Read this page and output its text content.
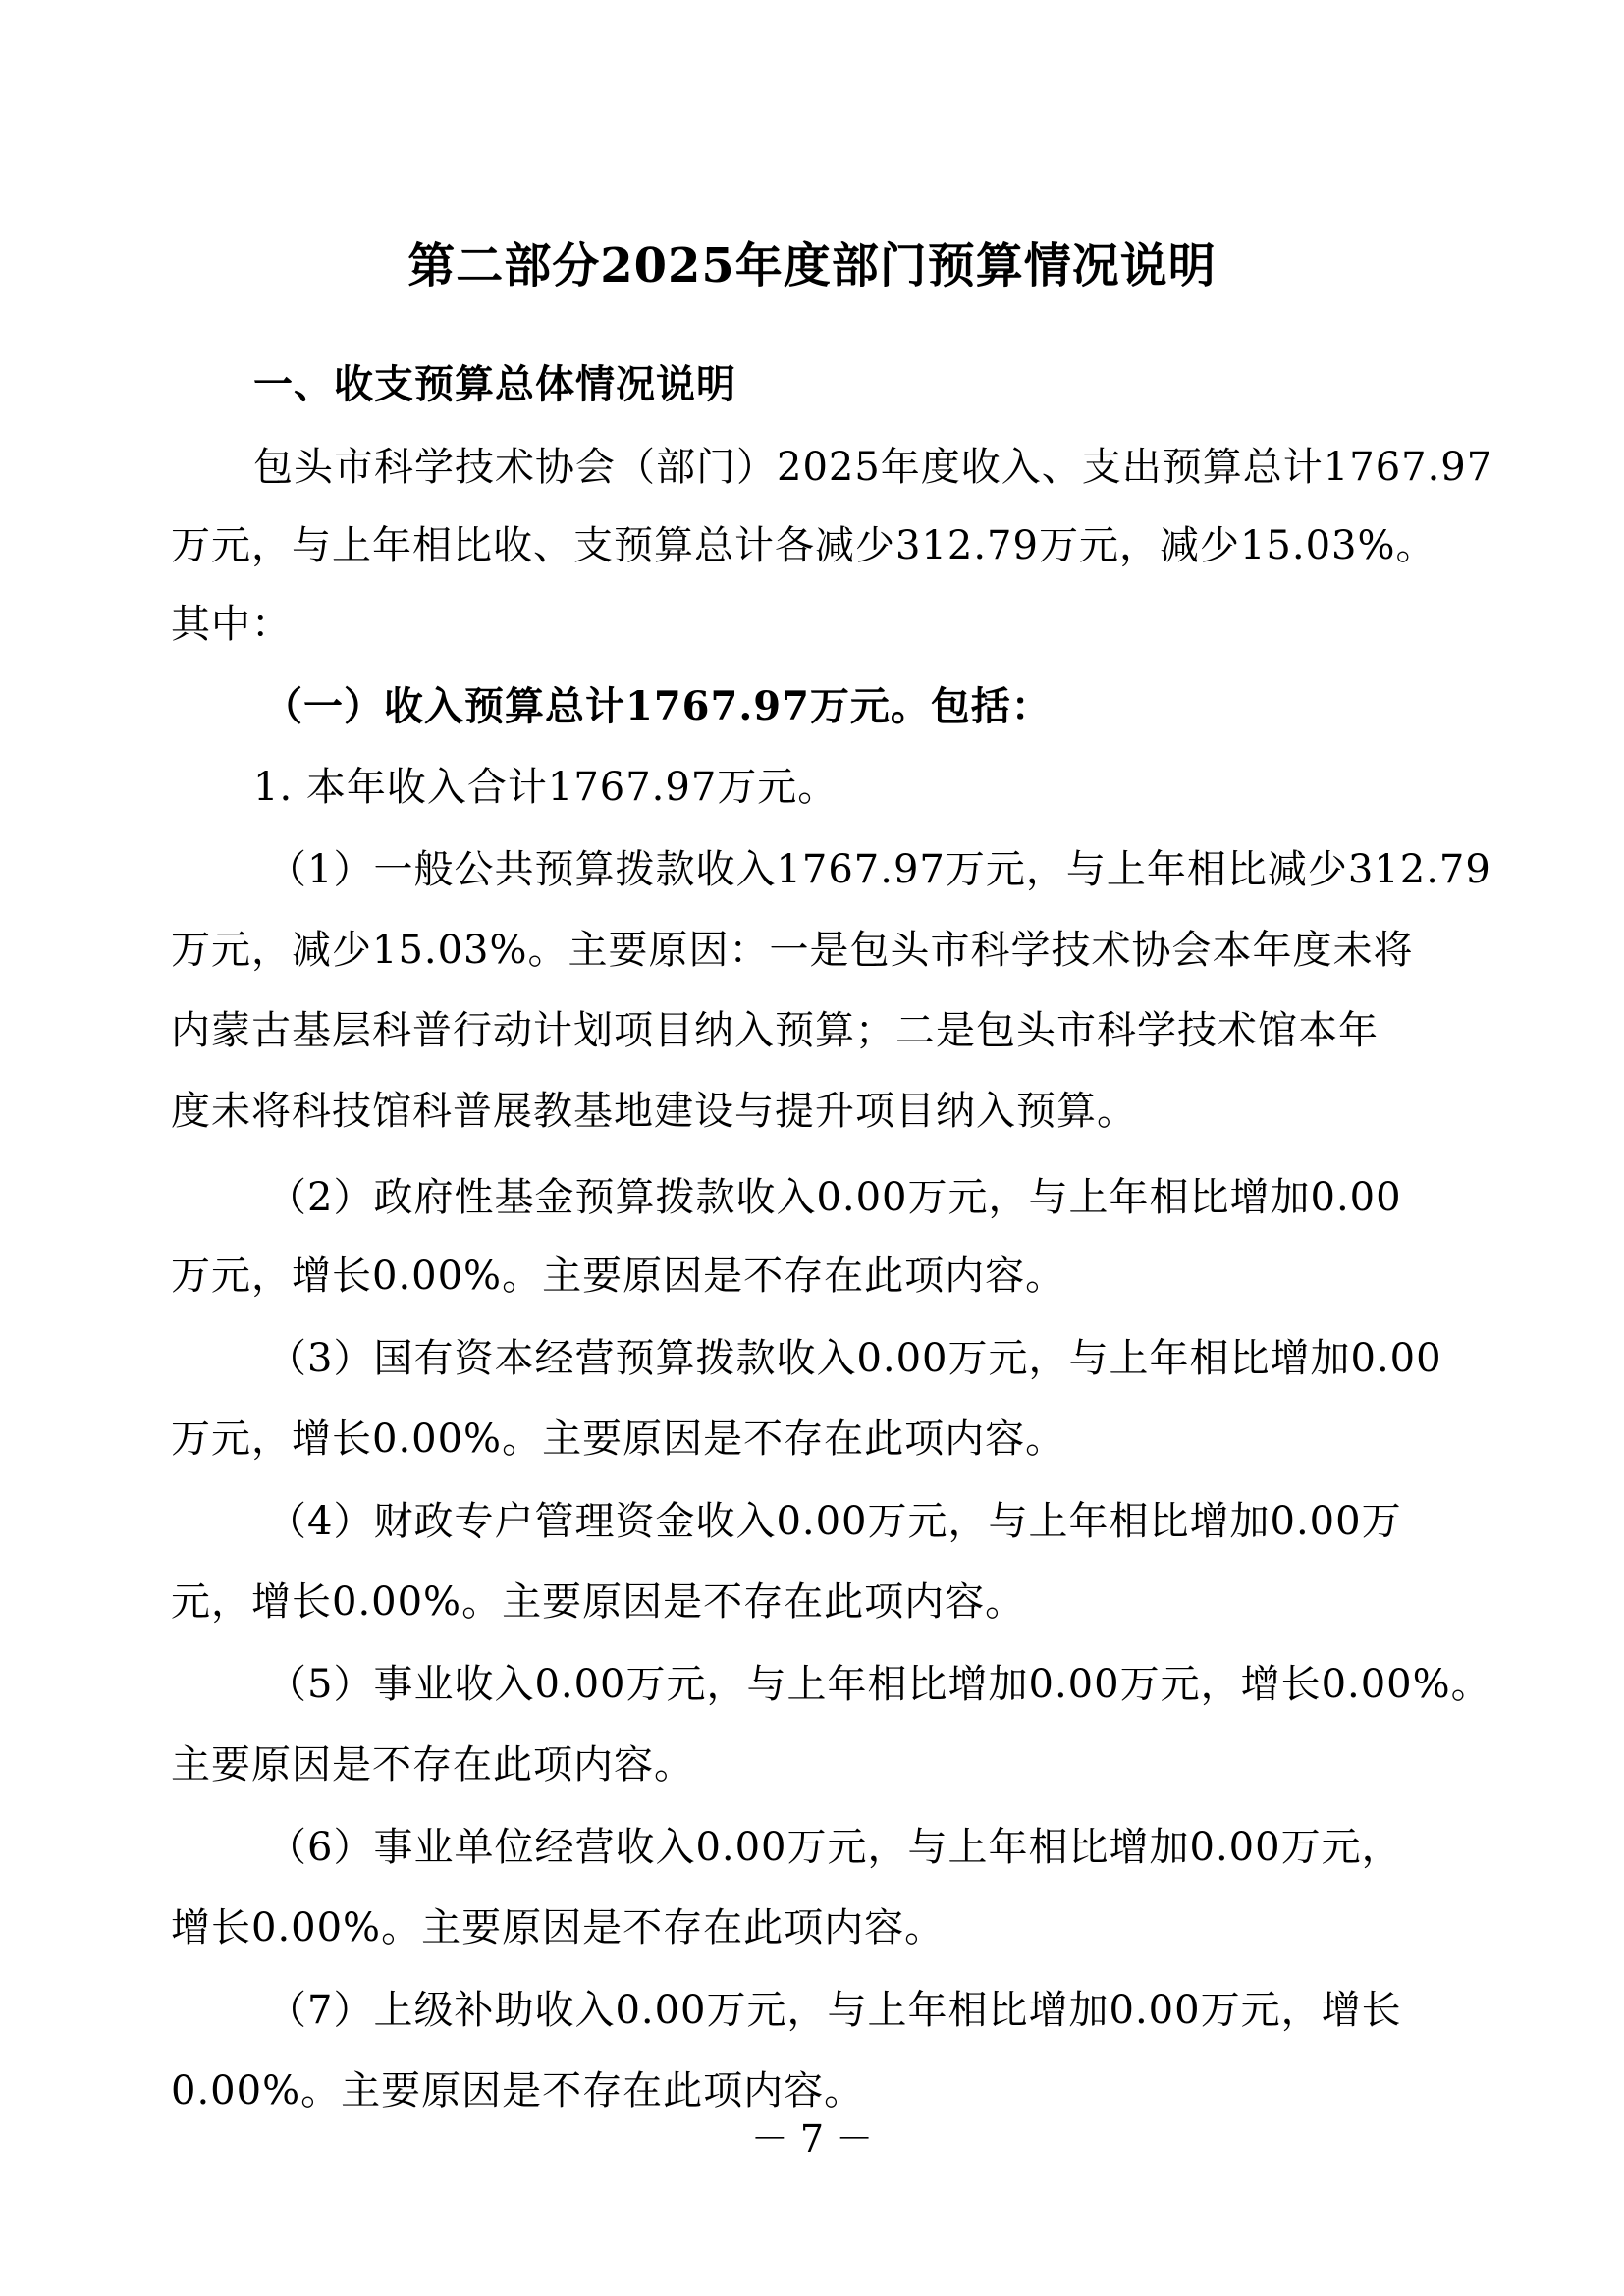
第二部分2025年度部门预算情况说明
一、收支预算总体情况说明
包头市科学技术协会（部门）2025年度收入、支出预算总计1767.97
万元，与上年相比收、支预算总计各减少312.79万元，减少15.03%。
其中：
（一）收入预算总计1767.97万元。包括：
1. 本年收入合计1767.97万元。
（1）一般公共预算拨款收入1767.97万元，与上年相比减少312.79
万元，减少15.03%。主要原因：一是包头市科学技术协会本年度未将
内蒙古基层科普行动计划项目纳入预算；二是包头市科学技术馆本年
度未将科技馆科普展教基地建设与提升项目纳入预算。
（2）政府性基金预算拨款收入0.00万元，与上年相比增加0.00
万元，增长0.00%。主要原因是不存在此项内容。
（3）国有资本经营预算拨款收入0.00万元，与上年相比增加0.00
万元，增长0.00%。主要原因是不存在此项内容。
（4）财政专户管理资金收入0.00万元，与上年相比增加0.00万
元，增长0.00%。主要原因是不存在此项内容。
（5）事业收入0.00万元，与上年相比增加0.00万元，增长0.00%。
主要原因是不存在此项内容。
（6）事业单位经营收入0.00万元，与上年相比增加0.00万元，
增长0.00%。主要原因是不存在此项内容。
（7）上级补助收入0.00万元，与上年相比增加0.00万元，增长
0.00%。主要原因是不存在此项内容。
－ 7 －
